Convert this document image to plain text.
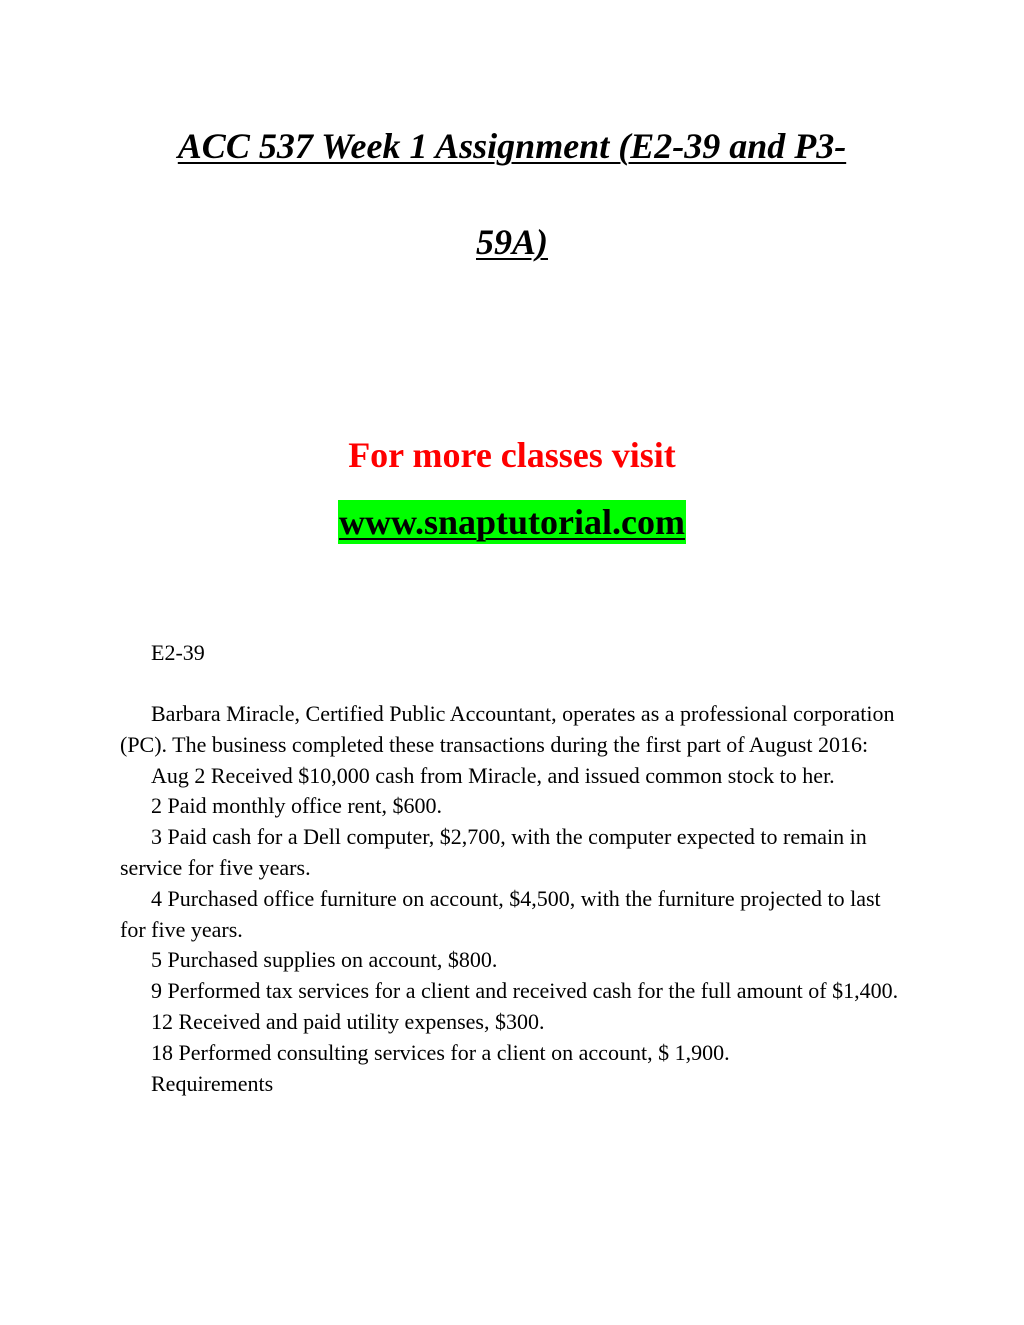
ACC 537 Week 1 Assignment (E2-39 and P3-
59A)

For more classes visit

www.snaptutorial.com

E2-39

Barbara Miracle, Certified Public Accountant, operates as a professional corporation (PC). The business completed these transactions during the first part of August 2016:

Aug 2 Received $10,000 cash from Miracle, and issued common stock to her.

2 Paid monthly office rent, $600.

3 Paid cash for a Dell computer, $2,700, with the computer expected to remain in service for five years.

4 Purchased office furniture on account, $4,500, with the furniture projected to last for five years.

5 Purchased supplies on account, $800.

9 Performed tax services for a client and received cash for the full amount of $1,400.

12 Received and paid utility expenses, $300.

18 Performed consulting services for a client on account, $ 1,900.

Requirements
